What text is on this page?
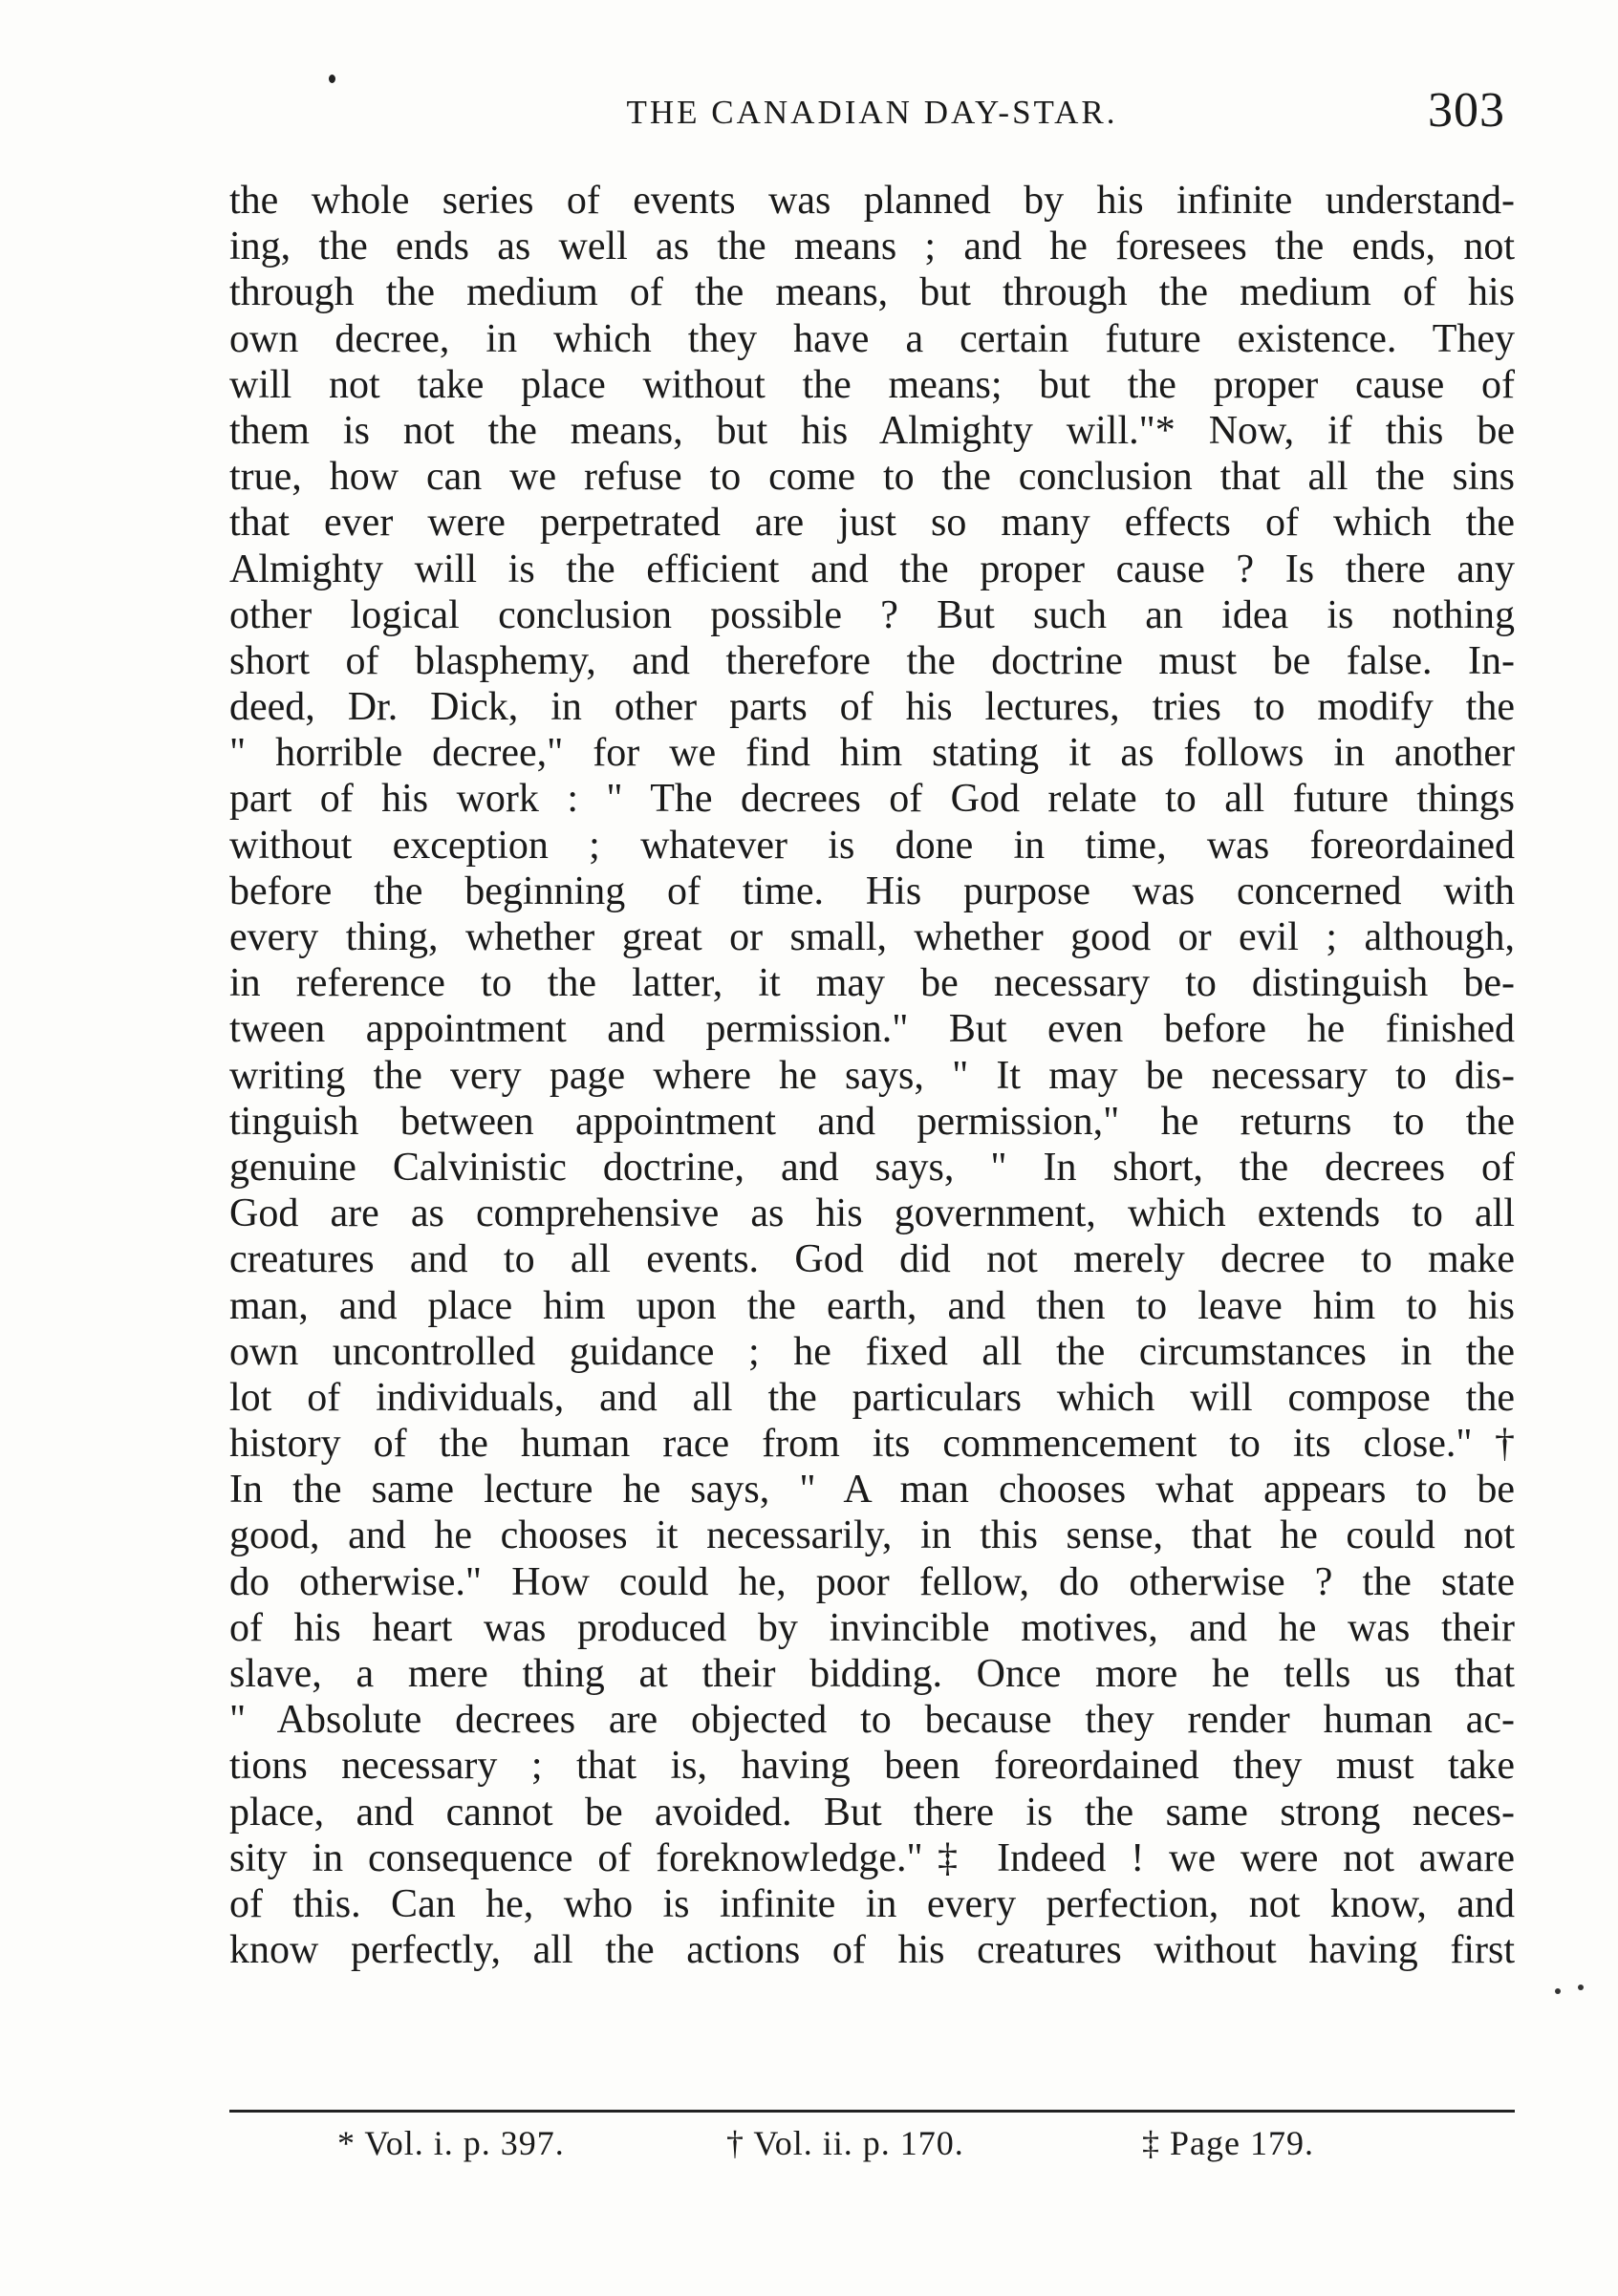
THE CANADIAN DAY-STAR.	303
the whole series of events was planned by his infinite understand-
ing, the ends as well as the means ; and he foresees the ends, not
through the medium of the means, but through the medium of his
own decree, in which they have a certain future existence. They
will not take place without the means; but the proper cause of
them is not the means, but his Almighty will."* Now, if this be
true, how can we refuse to come to the conclusion that all the sins
that ever were perpetrated are just so many effects of which the
Almighty will is the efficient and the proper cause ? Is there any
other logical conclusion possible ? But such an idea is nothing
short of blasphemy, and therefore the doctrine must be false. In-
deed, Dr. Dick, in other parts of his lectures, tries to modify the
" horrible decree," for we find him stating it as follows in another
part of his work : " The decrees of God relate to all future things
without exception ; whatever is done in time, was foreordained
before the beginning of time. His purpose was concerned with
every thing, whether great or small, whether good or evil ; although,
in reference to the latter, it may be necessary to distinguish be-
tween appointment and permission." But even before he finished
writing the very page where he says, " It may be necessary to dis-
tinguish between appointment and permission," he returns to the
genuine Calvinistic doctrine, and says, " In short, the decrees of
God are as comprehensive as his government, which extends to all
creatures and to all events. God did not merely decree to make
man, and place him upon the earth, and then to leave him to his
own uncontrolled guidance ; he fixed all the circumstances in the
lot of individuals, and all the particulars which will compose the
history of the human race from its commencement to its close."†
In the same lecture he says, " A man chooses what appears to be
good, and he chooses it necessarily, in this sense, that he could not
do otherwise." How could he, poor fellow, do otherwise ? the state
of his heart was produced by invincible motives, and he was their
slave, a mere thing at their bidding. Once more he tells us that
" Absolute decrees are objected to because they render human ac-
tions necessary ; that is, having been foreordained they must take
place, and cannot be avoided. But there is the same strong neces-
sity in consequence of foreknowledge."‡ Indeed ! we were not aware
of this. Can he, who is infinite in every perfection, not know, and
know perfectly, all the actions of his creatures without having first
* Vol. i. p. 397.	† Vol. ii. p. 170.	‡ Page 179.
